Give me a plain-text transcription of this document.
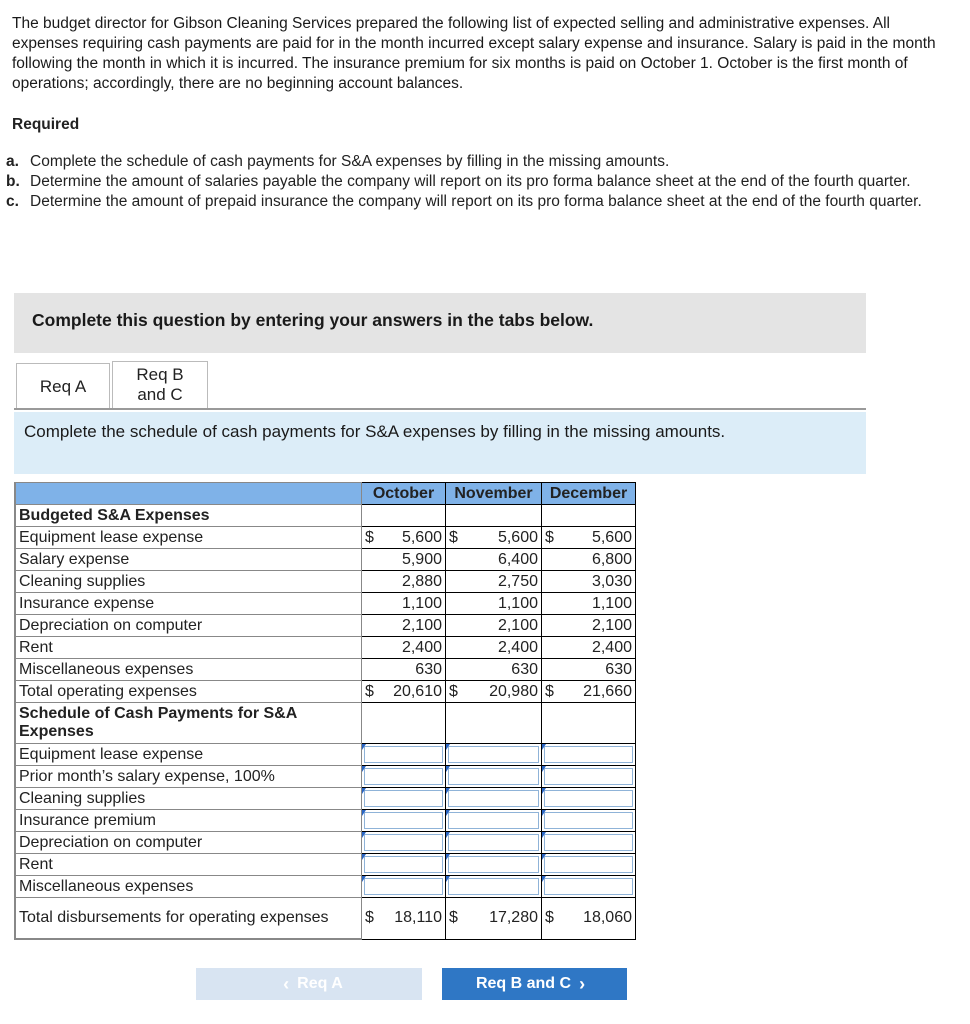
The budget director for Gibson Cleaning Services prepared the following list of expected selling and administrative expenses. All expenses requiring cash payments are paid for in the month incurred except salary expense and insurance. Salary is paid in the month following the month in which it is incurred. The insurance premium for six months is paid on October 1. October is the first month of operations; accordingly, there are no beginning account balances.
Required
a. Complete the schedule of cash payments for S&A expenses by filling in the missing amounts.
b. Determine the amount of salaries payable the company will report on its pro forma balance sheet at the end of the fourth quarter.
c. Determine the amount of prepaid insurance the company will report on its pro forma balance sheet at the end of the fourth quarter.
Complete this question by entering your answers in the tabs below.
Req A
Req B
and C
Complete the schedule of cash payments for S&A expenses by filling in the missing amounts.
	October	November	December
Budgeted S&A Expenses			
Equipment lease expense	$ 5,600	$ 5,600	$ 5,600

Salary expense	5,900	6,400	6,800
Cleaning supplies	2,880	2,750	3,030
Insurance expense	1,100	1,100	1,100
Depreciation on computer	2,100	2,100	2,100
Rent	2,400	2,400	2,400
Miscellaneous expenses	630	630	630
Total operating expenses	$ 20,610	$ 20,980	$ 21,660

Schedule of Cash Payments for S&A Expenses			
Equipment lease expense	

Prior month’s salary expense, 100%	

Cleaning supplies	

Insurance premium	

Depreciation on computer	

Rent	

Miscellaneous expenses	

Total disbursements for operating expenses	$ 18,110	$ 17,280	$ 18,060
‹ Req A	Req B and C ›
